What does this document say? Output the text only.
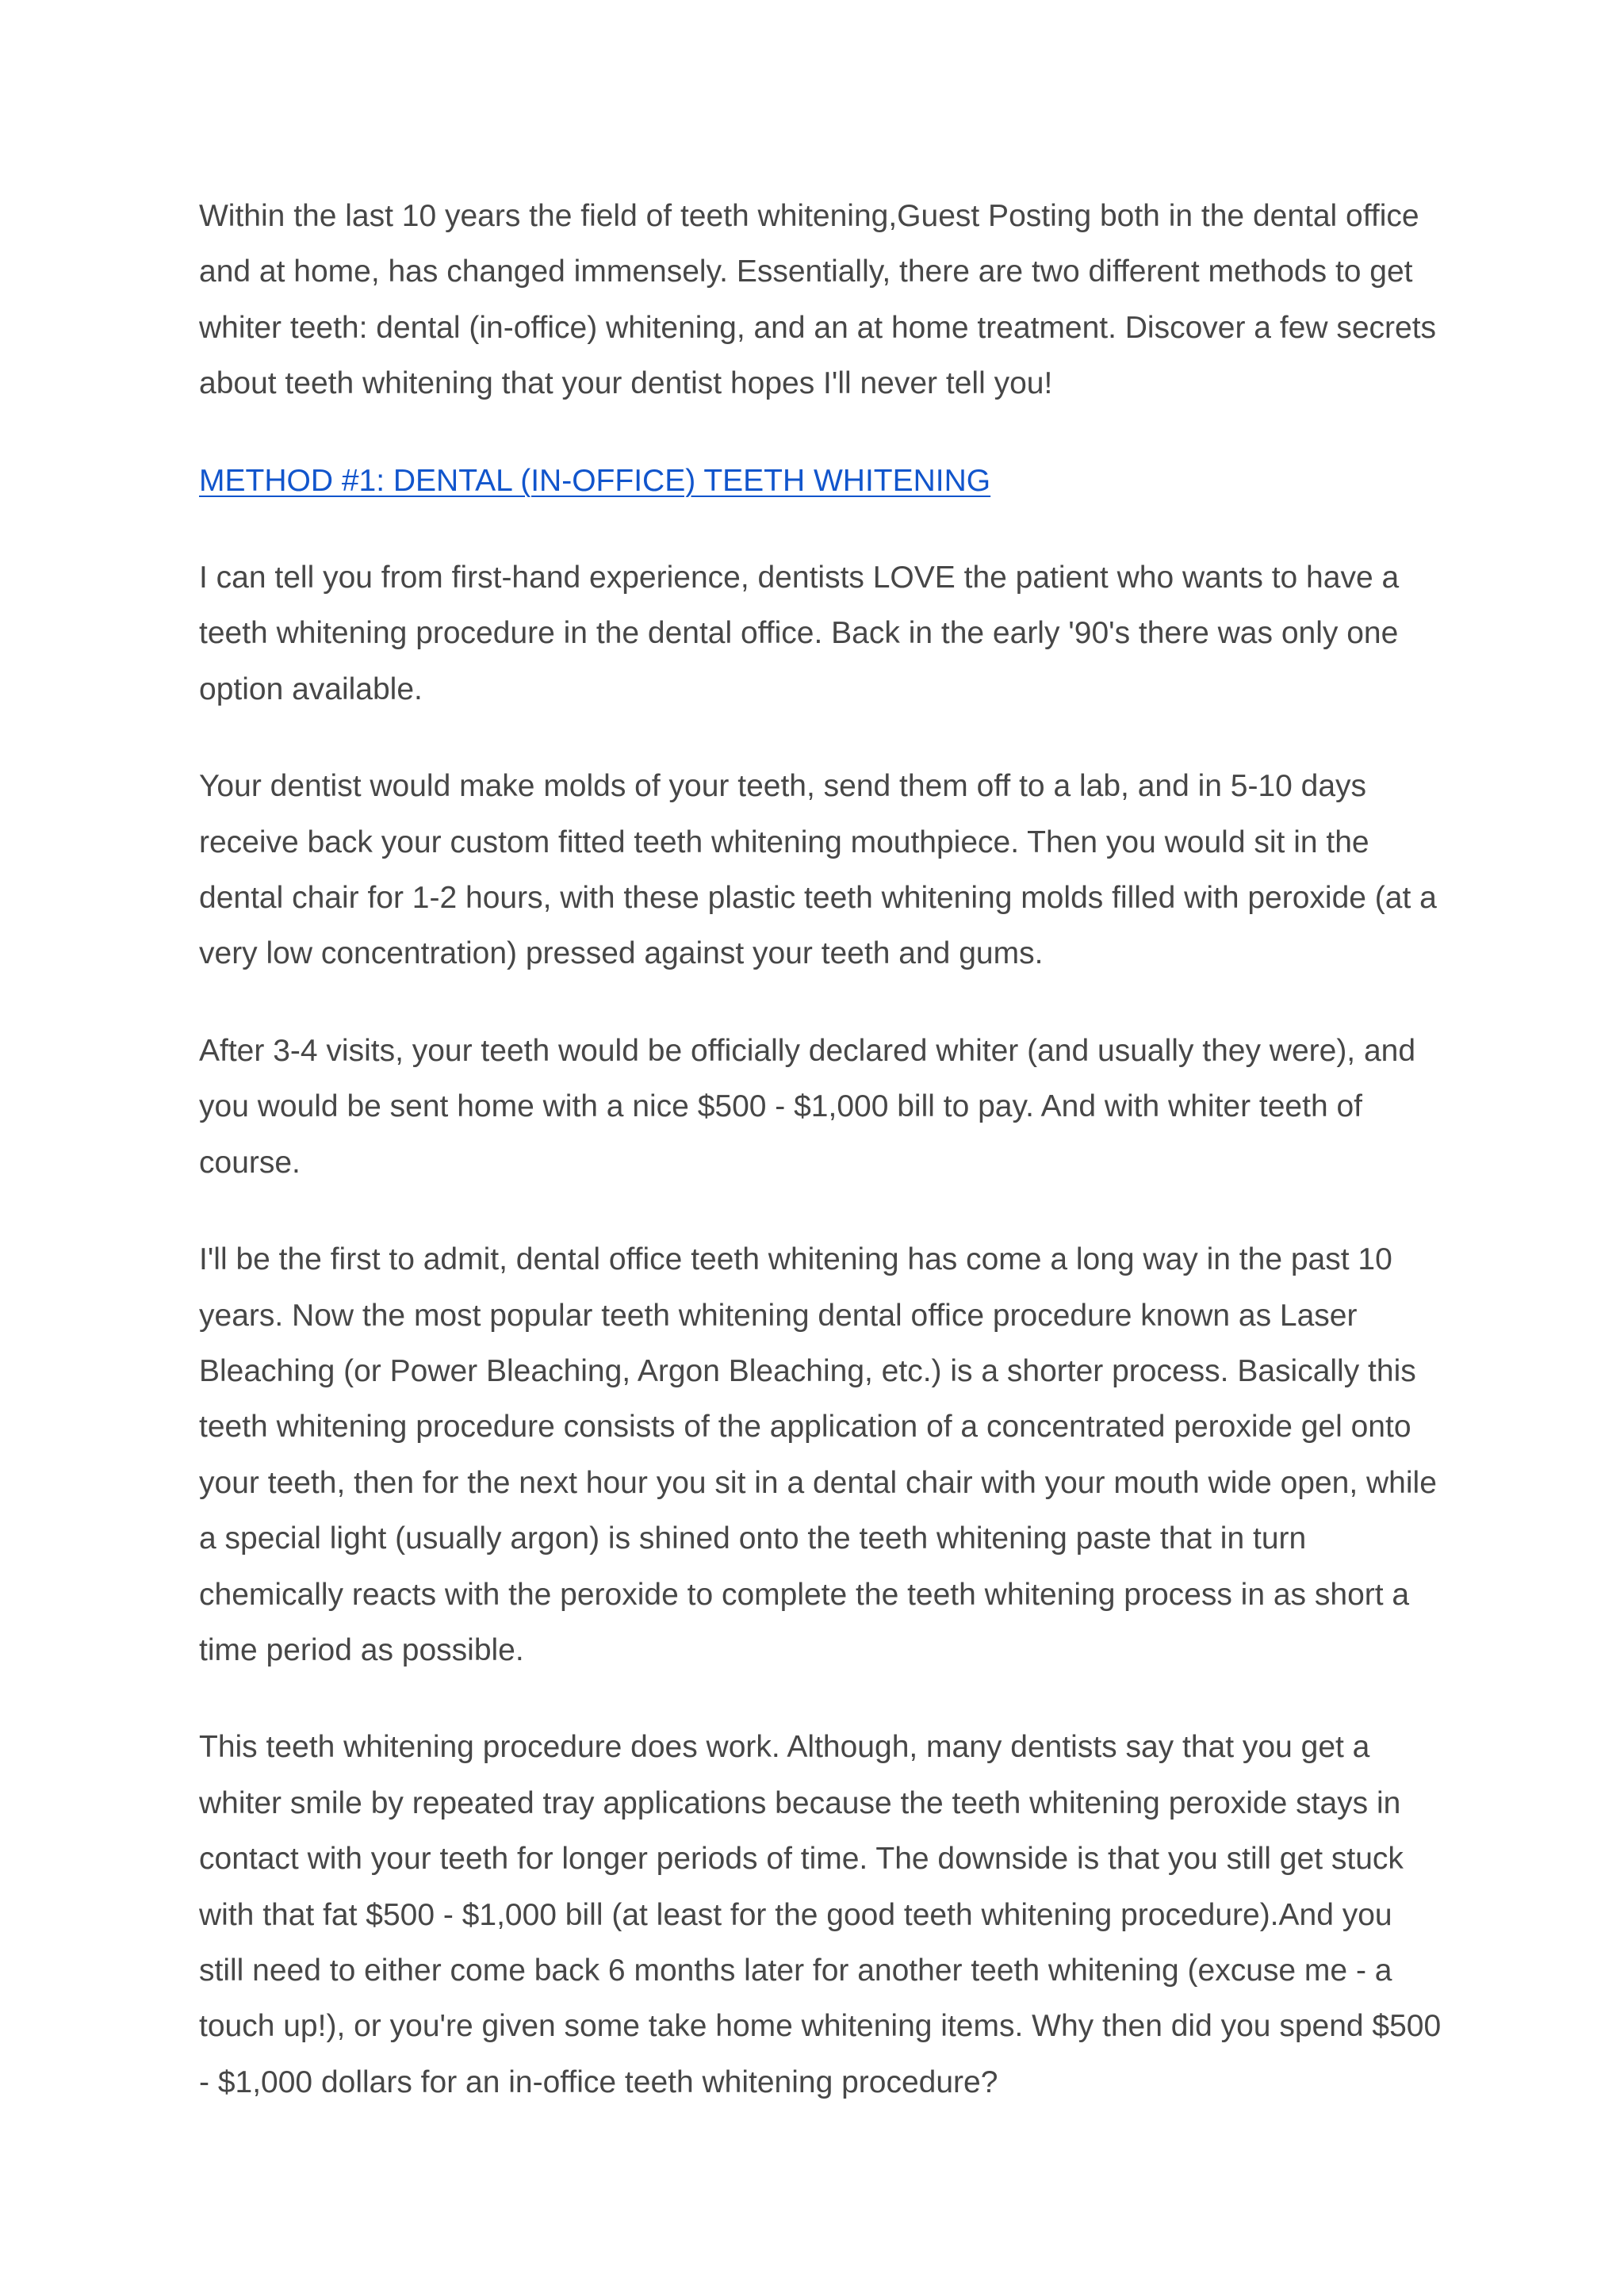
Within the last 10 years the field of teeth whitening,Guest Posting both in the dental office and at home, has changed immensely. Essentially, there are two different methods to get whiter teeth: dental (in-office) whitening, and an at home treatment. Discover a few secrets about teeth whitening that your dentist hopes I'll never tell you!

METHOD #1: DENTAL (IN-OFFICE) TEETH WHITENING

I can tell you from first-hand experience, dentists LOVE the patient who wants to have a teeth whitening procedure in the dental office. Back in the early '90's there was only one option available.

Your dentist would make molds of your teeth, send them off to a lab, and in 5-10 days receive back your custom fitted teeth whitening mouthpiece. Then you would sit in the dental chair for 1-2 hours, with these plastic teeth whitening molds filled with peroxide (at a very low concentration) pressed against your teeth and gums.

After 3-4 visits, your teeth would be officially declared whiter (and usually they were), and you would be sent home with a nice $500 - $1,000 bill to pay. And with whiter teeth of course.

I'll be the first to admit, dental office teeth whitening has come a long way in the past 10 years. Now the most popular teeth whitening dental office procedure known as Laser Bleaching (or Power Bleaching, Argon Bleaching, etc.) is a shorter process. Basically this teeth whitening procedure consists of the application of a concentrated peroxide gel onto your teeth, then for the next hour you sit in a dental chair with your mouth wide open, while a special light (usually argon) is shined onto the teeth whitening paste that in turn chemically reacts with the peroxide to complete the teeth whitening process in as short a time period as possible.

This teeth whitening procedure does work. Although, many dentists say that you get a whiter smile by repeated tray applications because the teeth whitening peroxide stays in contact with your teeth for longer periods of time. The downside is that you still get stuck with that fat $500 - $1,000 bill (at least for the good teeth whitening procedure).And you still need to either come back 6 months later for another teeth whitening (excuse me - a touch up!), or you're given some take home whitening items. Why then did you spend $500 - $1,000 dollars for an in-office teeth whitening procedure?
